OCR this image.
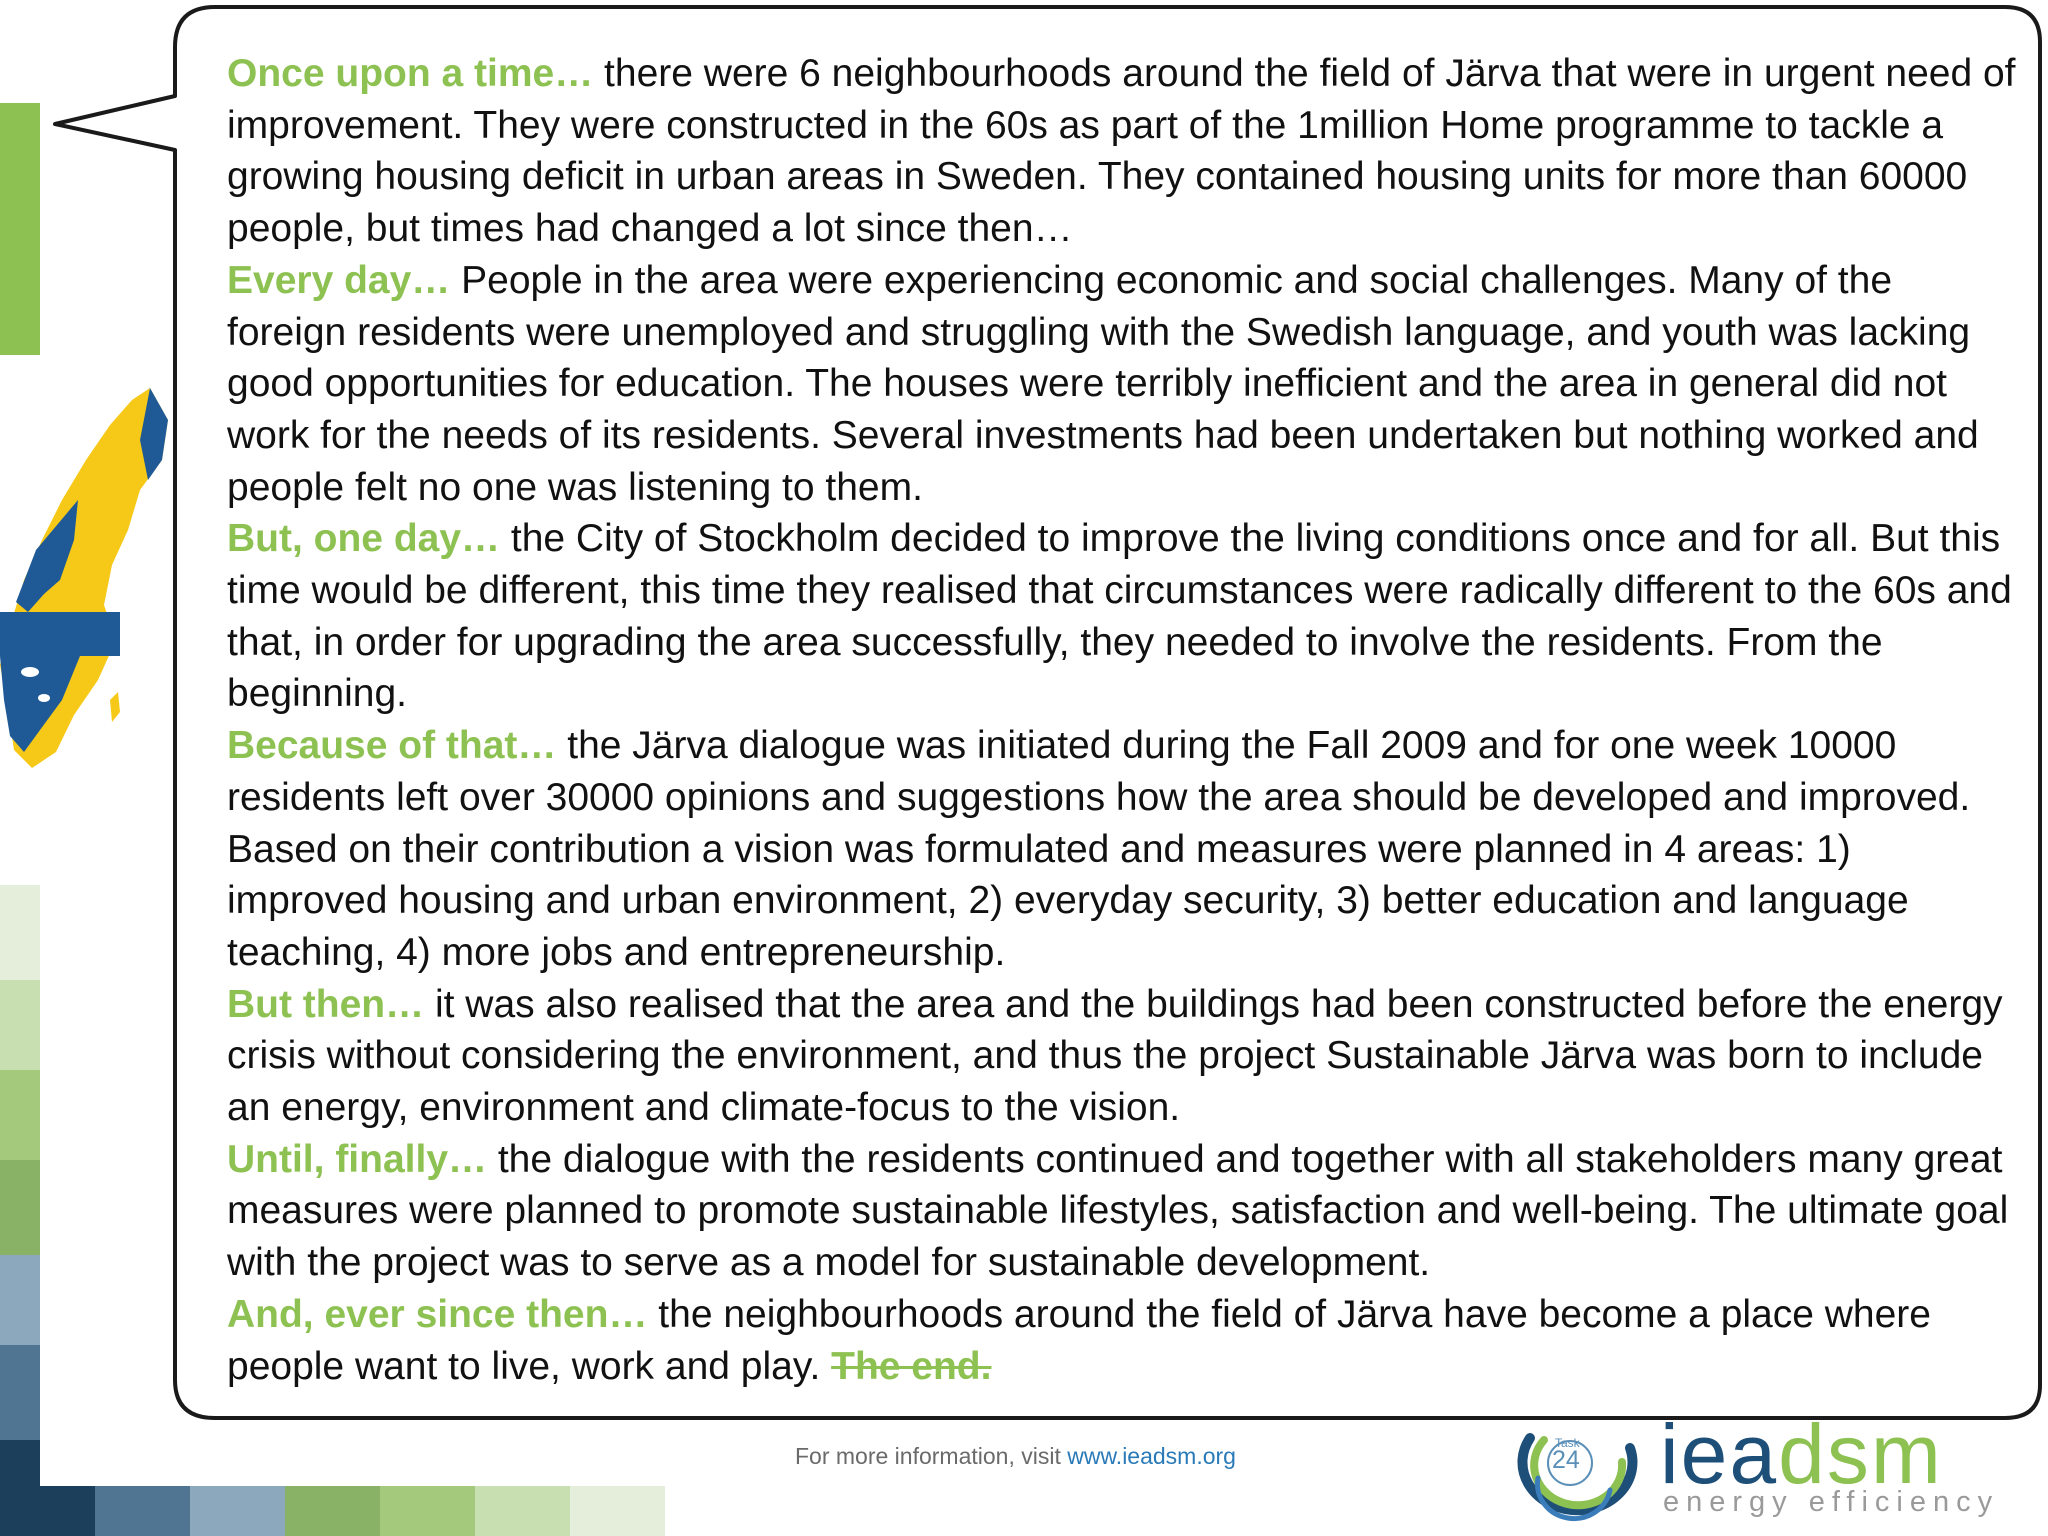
Once upon a time… there were 6 neighbourhoods around the field of Järva that were in urgent need of improvement. They were constructed in the 60s as part of the 1million Home programme to tackle a growing housing deficit in urban areas in Sweden. They contained housing units for more than 60000 people, but times had changed a lot since then…

Every day… People in the area were experiencing economic and social challenges. Many of the foreign residents were unemployed and struggling with the Swedish language, and youth was lacking good opportunities for education. The houses were terribly inefficient and the area in general did not work for the needs of its residents. Several investments had been undertaken but nothing worked and people felt no one was listening to them.

But, one day… the City of Stockholm decided to improve the living conditions once and for all. But this time would be different, this time they realised that circumstances were radically different to the 60s and that, in order for upgrading the area successfully, they needed to involve the residents. From the beginning.

Because of that… the Järva dialogue was initiated during the Fall 2009 and for one week 10000 residents left over 30000 opinions and suggestions how the area should be developed and improved. Based on their contribution a vision was formulated and measures were planned in 4 areas: 1) improved housing and urban environment, 2) everyday security, 3) better education and language teaching, 4) more jobs and entrepreneurship.

But then… it was also realised that the area and the buildings had been constructed before the energy crisis without considering the environment, and thus the project Sustainable Järva was born to include an energy, environment and climate-focus to the vision.

Until, finally… the dialogue with the residents continued and together with all stakeholders many great measures were planned to promote sustainable lifestyles, satisfaction and well-being. The ultimate goal with the project was to serve as a model for sustainable development.

And, ever since then… the neighbourhoods around the field of Järva have become a place where people want to live, work and play. The end.

For more information, visit www.ieadsm.org	Task
24 ieadsm
energy efficiency
